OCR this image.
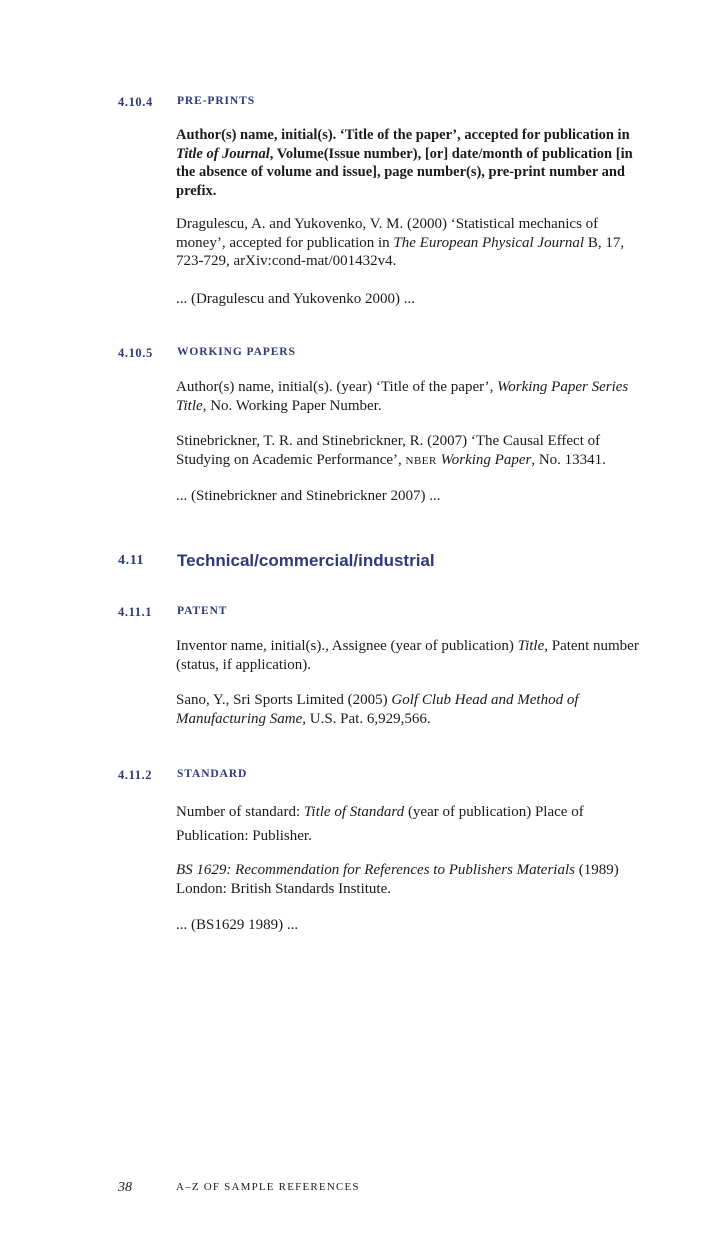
4.10.4 PRE-PRINTS

Author(s) name, initial(s). ‘Title of the paper’, accepted for publication in Title of Journal, Volume(Issue number), [or] date/month of publication [in the absence of volume and issue], page number(s), pre-print number and prefix.

Dragulescu, A. and Yukovenko, V. M. (2000) ‘Statistical mechanics of money’, accepted for publication in The European Physical Journal B, 17, 723-729, arXiv:cond-mat/001432v4.

... (Dragulescu and Yukovenko 2000) ...

4.10.5 WORKING PAPERS

Author(s) name, initial(s). (year) ‘Title of the paper’, Working Paper Series Title, No. Working Paper Number.

Stinebrickner, T. R. and Stinebrickner, R. (2007) ‘The Causal Effect of Studying on Academic Performance’, nber Working Paper, No. 13341.

... (Stinebrickner and Stinebrickner 2007) ...

4.11 Technical/commercial/industrial
4.11.1 PATENT

Inventor name, initial(s)., Assignee (year of publication) Title, Patent number (status, if application).

Sano, Y., Sri Sports Limited (2005) Golf Club Head and Method of Manufacturing Same, U.S. Pat. 6,929,566.

4.11.2 STANDARD

Number of standard: Title of Standard (year of publication) Place of Publication: Publisher.

BS 1629: Recommendation for References to Publishers Materials (1989) London: British Standards Institute.

... (BS1629 1989) ...

38	A–Z OF SAMPLE REFERENCES
